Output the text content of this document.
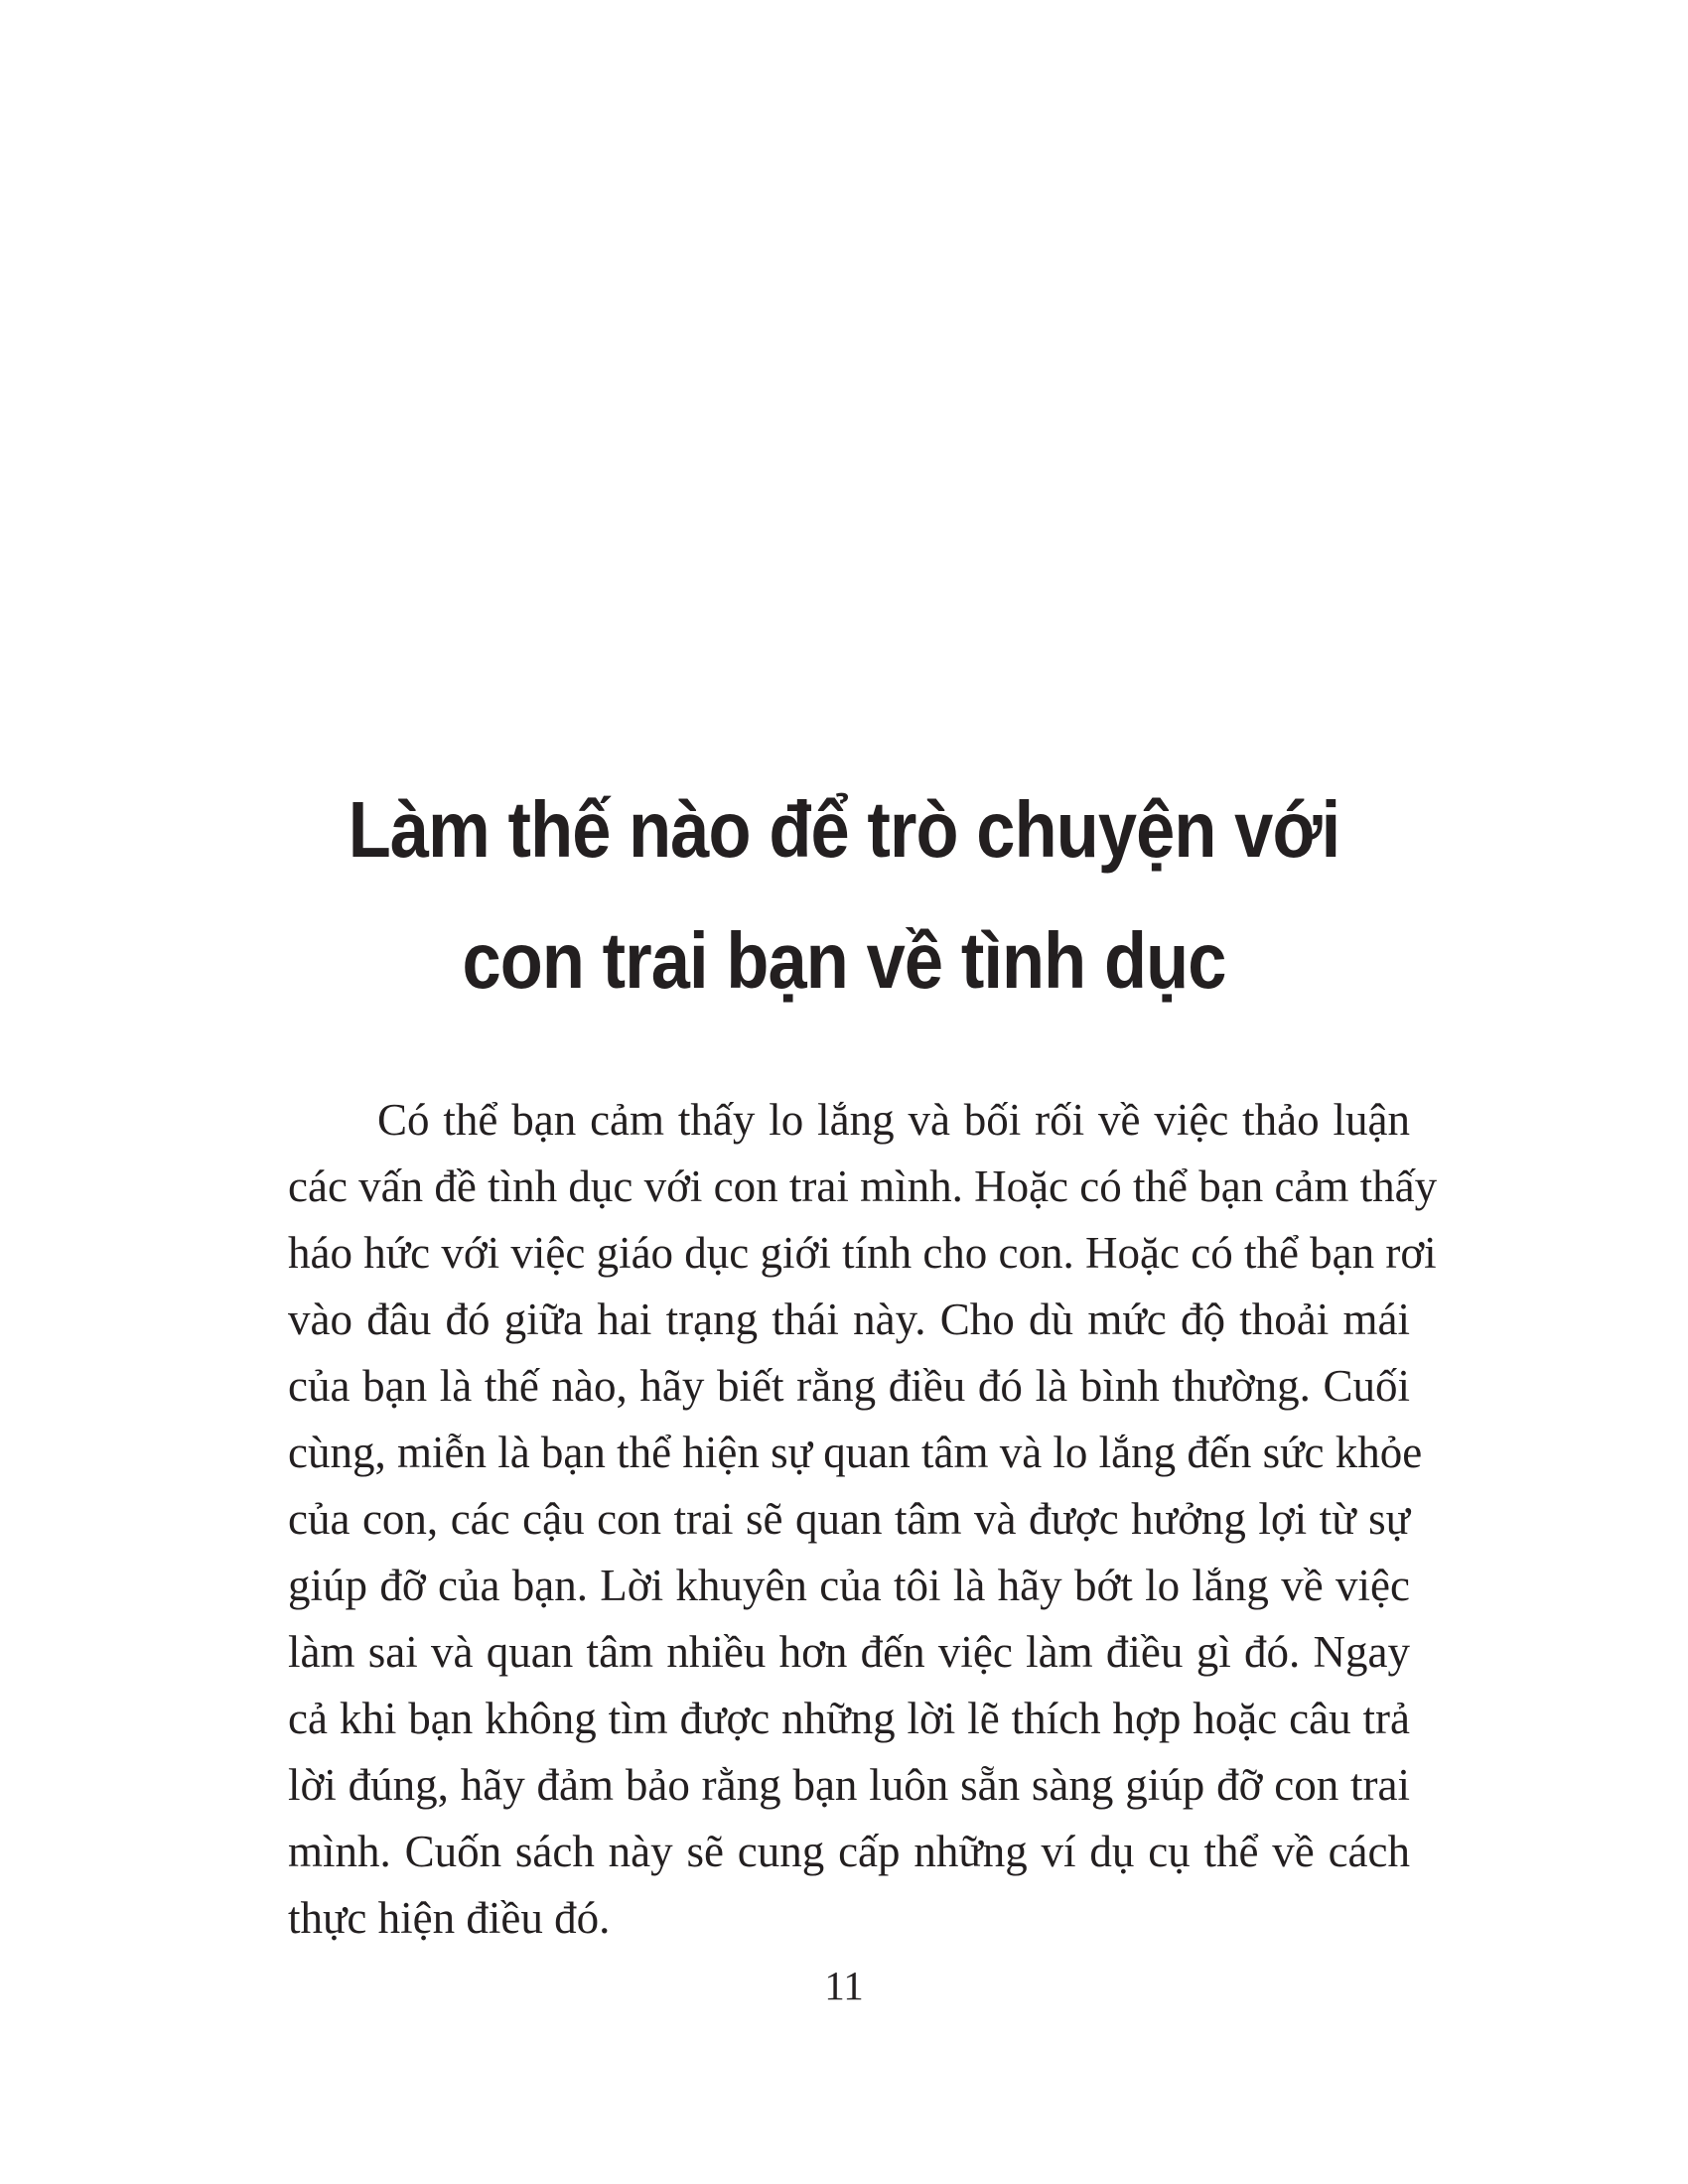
Làm thế nào để trò chuyện với
con trai bạn về tình dục
Có thể bạn cảm thấy lo lắng và bối rối về việc thảo luận
các vấn đề tình dục với con trai mình. Hoặc có thể bạn cảm thấy
háo hức với việc giáo dục giới tính cho con. Hoặc có thể bạn rơi
vào đâu đó giữa hai trạng thái này. Cho dù mức độ thoải mái
của bạn là thế nào, hãy biết rằng điều đó là bình thường. Cuối
cùng, miễn là bạn thể hiện sự quan tâm và lo lắng đến sức khỏe
của con, các cậu con trai sẽ quan tâm và được hưởng lợi từ sự
giúp đỡ của bạn. Lời khuyên của tôi là hãy bớt lo lắng về việc
làm sai và quan tâm nhiều hơn đến việc làm điều gì đó. Ngay
cả khi bạn không tìm được những lời lẽ thích hợp hoặc câu trả
lời đúng, hãy đảm bảo rằng bạn luôn sẵn sàng giúp đỡ con trai
mình. Cuốn sách này sẽ cung cấp những ví dụ cụ thể về cách
thực hiện điều đó.
11
